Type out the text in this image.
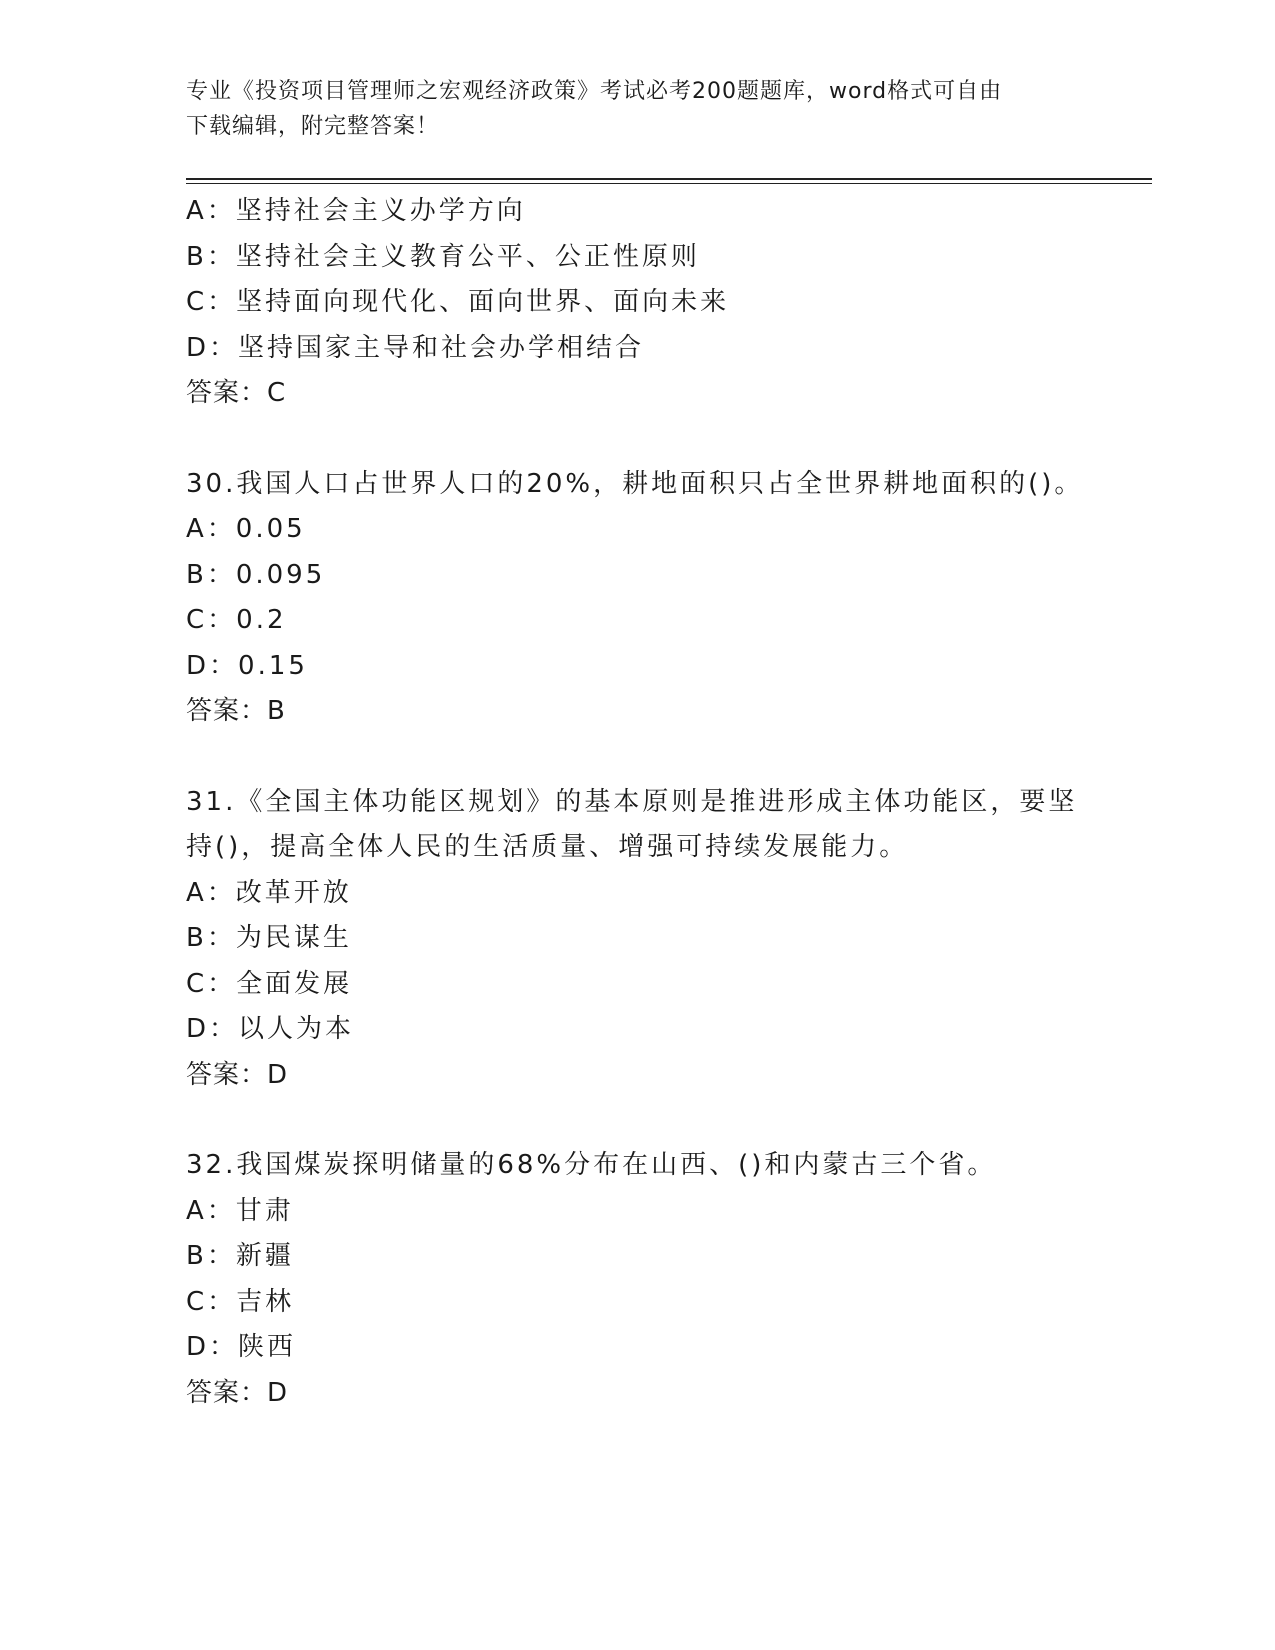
专业《投资项目管理师之宏观经济政策》考试必考200题题库，word格式可自由
下载编辑，附完整答案！
A：坚持社会主义办学方向
B：坚持社会主义教育公平、公正性原则
C：坚持面向现代化、面向世界、面向未来
D：坚持国家主导和社会办学相结合
答案：C
30.我国人口占世界人口的20%，耕地面积只占全世界耕地面积的()。
A：0.05
B：0.095
C：0.2
D：0.15
答案：B
31.《全国主体功能区规划》的基本原则是推进形成主体功能区，要坚
持()，提高全体人民的生活质量、增强可持续发展能力。
A：改革开放
B：为民谋生
C：全面发展
D：以人为本
答案：D
32.我国煤炭探明储量的68%分布在山西、()和内蒙古三个省。
A：甘肃
B：新疆
C：吉林
D：陕西
答案：D
